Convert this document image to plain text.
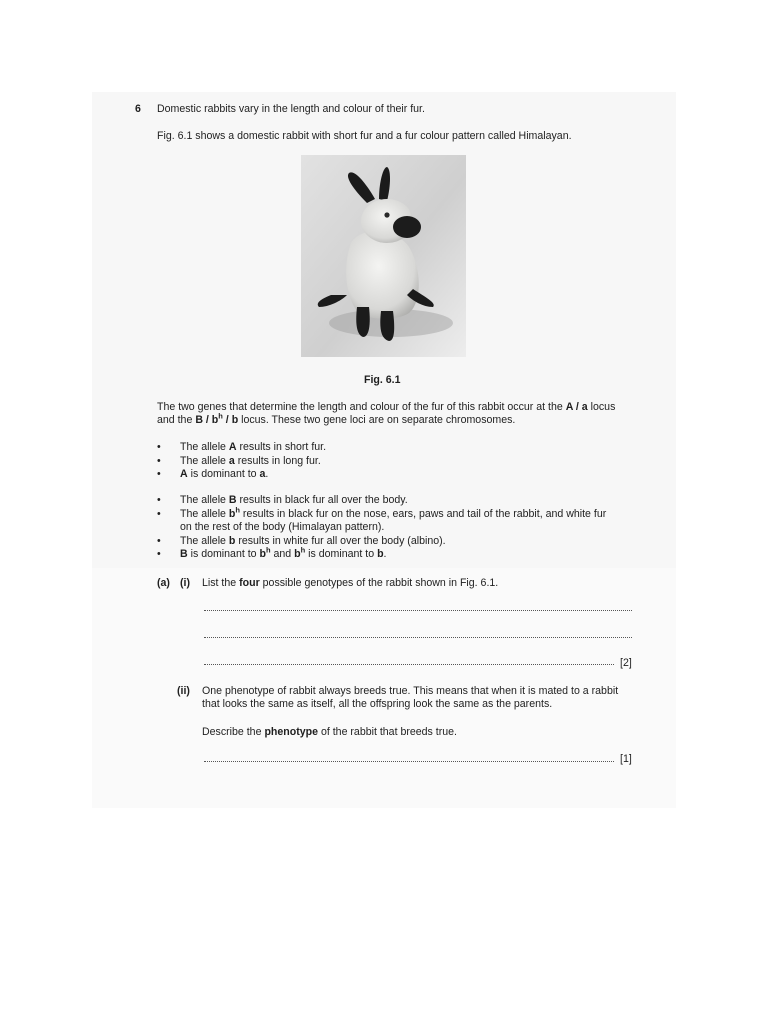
6 Domestic rabbits vary in the length and colour of their fur.
Fig. 6.1 shows a domestic rabbit with short fur and a fur colour pattern called Himalayan.
Fig. 6.1
The two genes that determine the length and colour of the fur of this rabbit occur at the A / a locus
and the B / $b^h$ / b locus. These two gene loci are on separate chromosomes.
• The allele A results in short fur.
• The allele a results in long fur.
• A is dominant to a.
• The allele B results in black fur all over the body.
• The allele $b^h$ results in black fur on the nose, ears, paws and tail of the rabbit, and white fur
on the rest of the body (Himalayan pattern).
• The allele b results in white fur all over the body (albino).
• B is dominant to $b^h$ and $b^h$ is dominant to b.
(a) (i) List the four possible genotypes of the rabbit shown in Fig. 6.1.
[2]
(ii) One phenotype of rabbit always breeds true. This means that when it is mated to a rabbit
that looks the same as itself, all the offspring look the same as the parents.
Describe the phenotype of the rabbit that breeds true.
[1]
